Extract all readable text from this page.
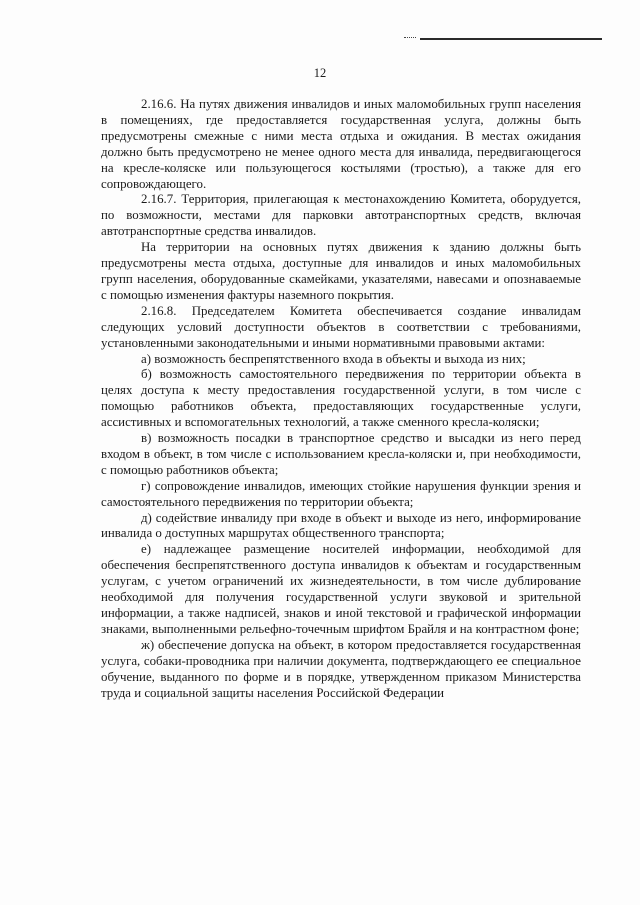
12

2.16.6. На путях движения инвалидов и иных маломобильных групп населения в помещениях, где предоставляется государственная услуга, должны быть предусмотрены смежные с ними места отдыха и ожидания. В местах ожидания должно быть предусмотрено не менее одного места для инвалида, передвигающегося на кресле-коляске или пользующегося костылями (тростью), а также для его сопровождающего.

2.16.7. Территория, прилегающая к местонахождению Комитета, оборудуется, по возможности, местами для парковки автотранспортных средств, включая автотранспортные средства инвалидов.

На территории на основных путях движения к зданию должны быть предусмотрены места отдыха, доступные для инвалидов и иных маломобильных групп населения, оборудованные скамейками, указателями, навесами и опознаваемые с помощью изменения фактуры наземного покрытия.

2.16.8. Председателем Комитета обеспечивается создание инвалидам следующих условий доступности объектов в соответствии с требованиями, установленными законодательными и иными нормативными правовыми актами:

а) возможность беспрепятственного входа в объекты и выхода из них;

б) возможность самостоятельного передвижения по территории объекта в целях доступа к месту предоставления государственной услуги, в том числе с помощью работников объекта, предоставляющих государственные услуги, ассистивных и вспомогательных технологий, а также сменного кресла-коляски;

в) возможность посадки в транспортное средство и высадки из него перед входом в объект, в том числе с использованием кресла-коляски и, при необходимости, с помощью работников объекта;

г) сопровождение инвалидов, имеющих стойкие нарушения функции зрения и самостоятельного передвижения по территории объекта;

д) содействие инвалиду при входе в объект и выходе из него, информирование инвалида о доступных маршрутах общественного транспорта;

е) надлежащее размещение носителей информации, необходимой для обеспечения беспрепятственного доступа инвалидов к объектам и государственным услугам, с учетом ограничений их жизнедеятельности, в том числе дублирование необходимой для получения государственной услуги звуковой и зрительной информации, а также надписей, знаков и иной текстовой и графической информации знаками, выполненными рельефно-точечным шрифтом Брайля и на контрастном фоне;

ж) обеспечение допуска на объект, в котором предоставляется государственная услуга, собаки-проводника при наличии документа, подтверждающего ее специальное обучение, выданного по форме и в порядке, утвержденном приказом Министерства труда и социальной защиты населения Российской Федерации
